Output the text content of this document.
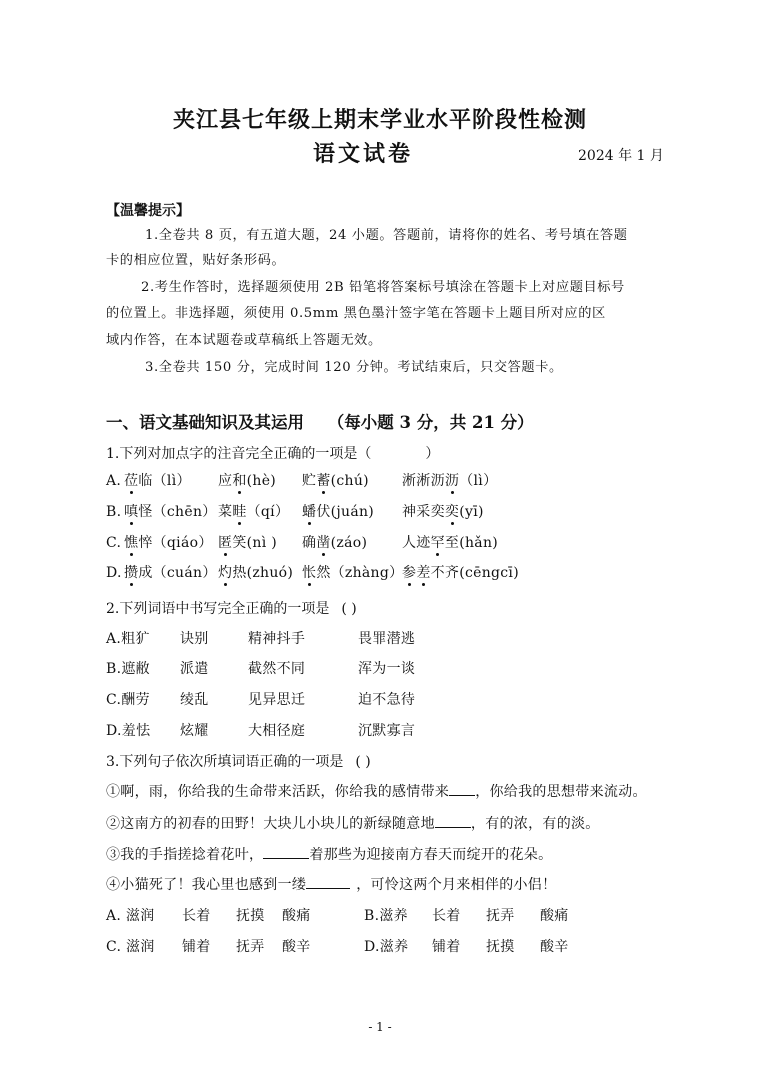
夹江县七年级上期末学业水平阶段性检测
语文试卷	2024 年 1 月
【温馨提示】
1.全卷共 8 页，有五道大题，24 小题。答题前，请将你的姓名、考号填在答题
卡的相应位置，贴好条形码。
2.考生作答时，选择题须使用 2B 铅笔将答案标号填涂在答题卡上对应题目标号
的位置上。非选择题，须使用 0.5mm 黑色墨汁签字笔在答题卡上题目所对应的区
域内作答，在本试题卷或草稿纸上答题无效。
3.全卷共 150 分，完成时间 120 分钟。考试结束后，只交答题卡。
一、语文基础知识及其运用 （每小题 3 分，共 21 分）
1.下列对加点字的注音完全正确的一项是（	）
A. 莅临（lì） 应和(hè) 贮蓄(chú) 淅淅沥沥（lì）
B. 嗔怪（chēn）菜畦（qí） 蟠伏(juán) 神采奕奕(yī)
C. 憔悴（qiáo） 匿笑(nì ) 确凿(záo) 人迹罕至(hǎn)
D. 攒成（cuán）灼热(zhuó) 怅然（zhàng）参差不齐(cēngcī)
2.下列词语中书写完全正确的一项是 ( )
A.粗犷 诀别	精神抖手	畏罪潜逃
B.遮敝 派遣	截然不同	浑为一谈
C.酬劳 绫乱	见异思迁	迫不急待
D.羞怯 炫耀	大相径庭	沉默寡言
3.下列句子依次所填词语正确的一项是 ( )
①啊，雨，你给我的生命带来活跃，你给我的感情带来 ，你给我的思想带来流动。
②这南方的初春的田野！大块儿小块儿的新绿随意地	，有的浓，有的淡。
③我的手指搓捻着花叶，	着那些为迎接南方春天而绽开的花朵。
④小猫死了！我心里也感到一缕	，可怜这两个月来相伴的小侣！
A. 滋润 长着 抚摸 酸痛	B.滋养 长着 抚弄 酸痛
C. 滋润 铺着 抚弄 酸辛	D.滋养 铺着 抚摸 酸辛
- 1 -
